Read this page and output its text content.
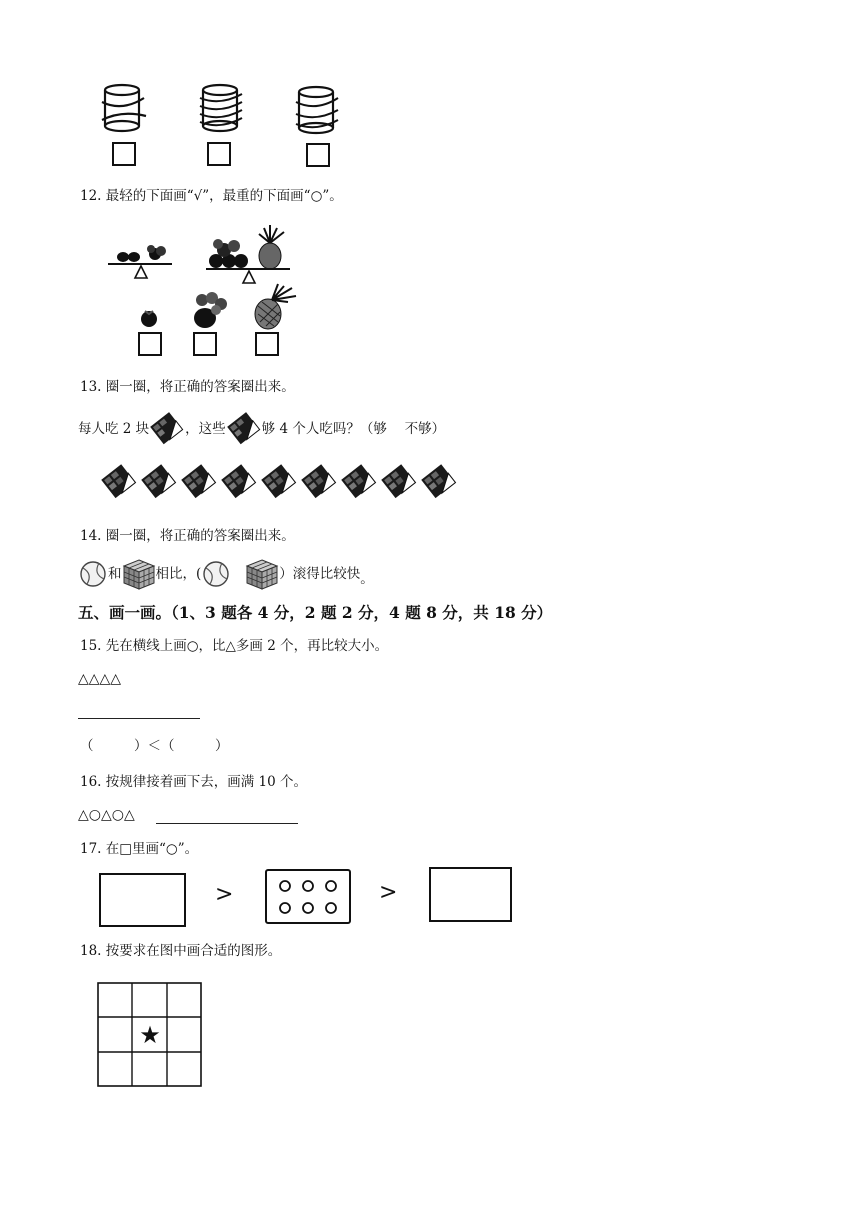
12. 最轻的下面画“√”，最重的下面画“○”。
13. 圈一圈，将正确的答案圈出来。
每人吃 2 块	，这些	够 4 个人吃吗？（够　 不够）
14. 圈一圈，将正确的答案圈出来。
和	相比，(	）滚得比较快 。
五、画一画。（1、3 题各 4 分，2 题 2 分，4 题 8 分，共 18 分）
15. 先在横线上画○，比△多画 2 个，再比较大小。
△△△△
（　　　）＜（　　　）
16. 按规律接着画下去，画满 10 个。
△○△○△
17. 在□里画“○”。
>	>
18. 按要求在图中画合适的图形。
★
